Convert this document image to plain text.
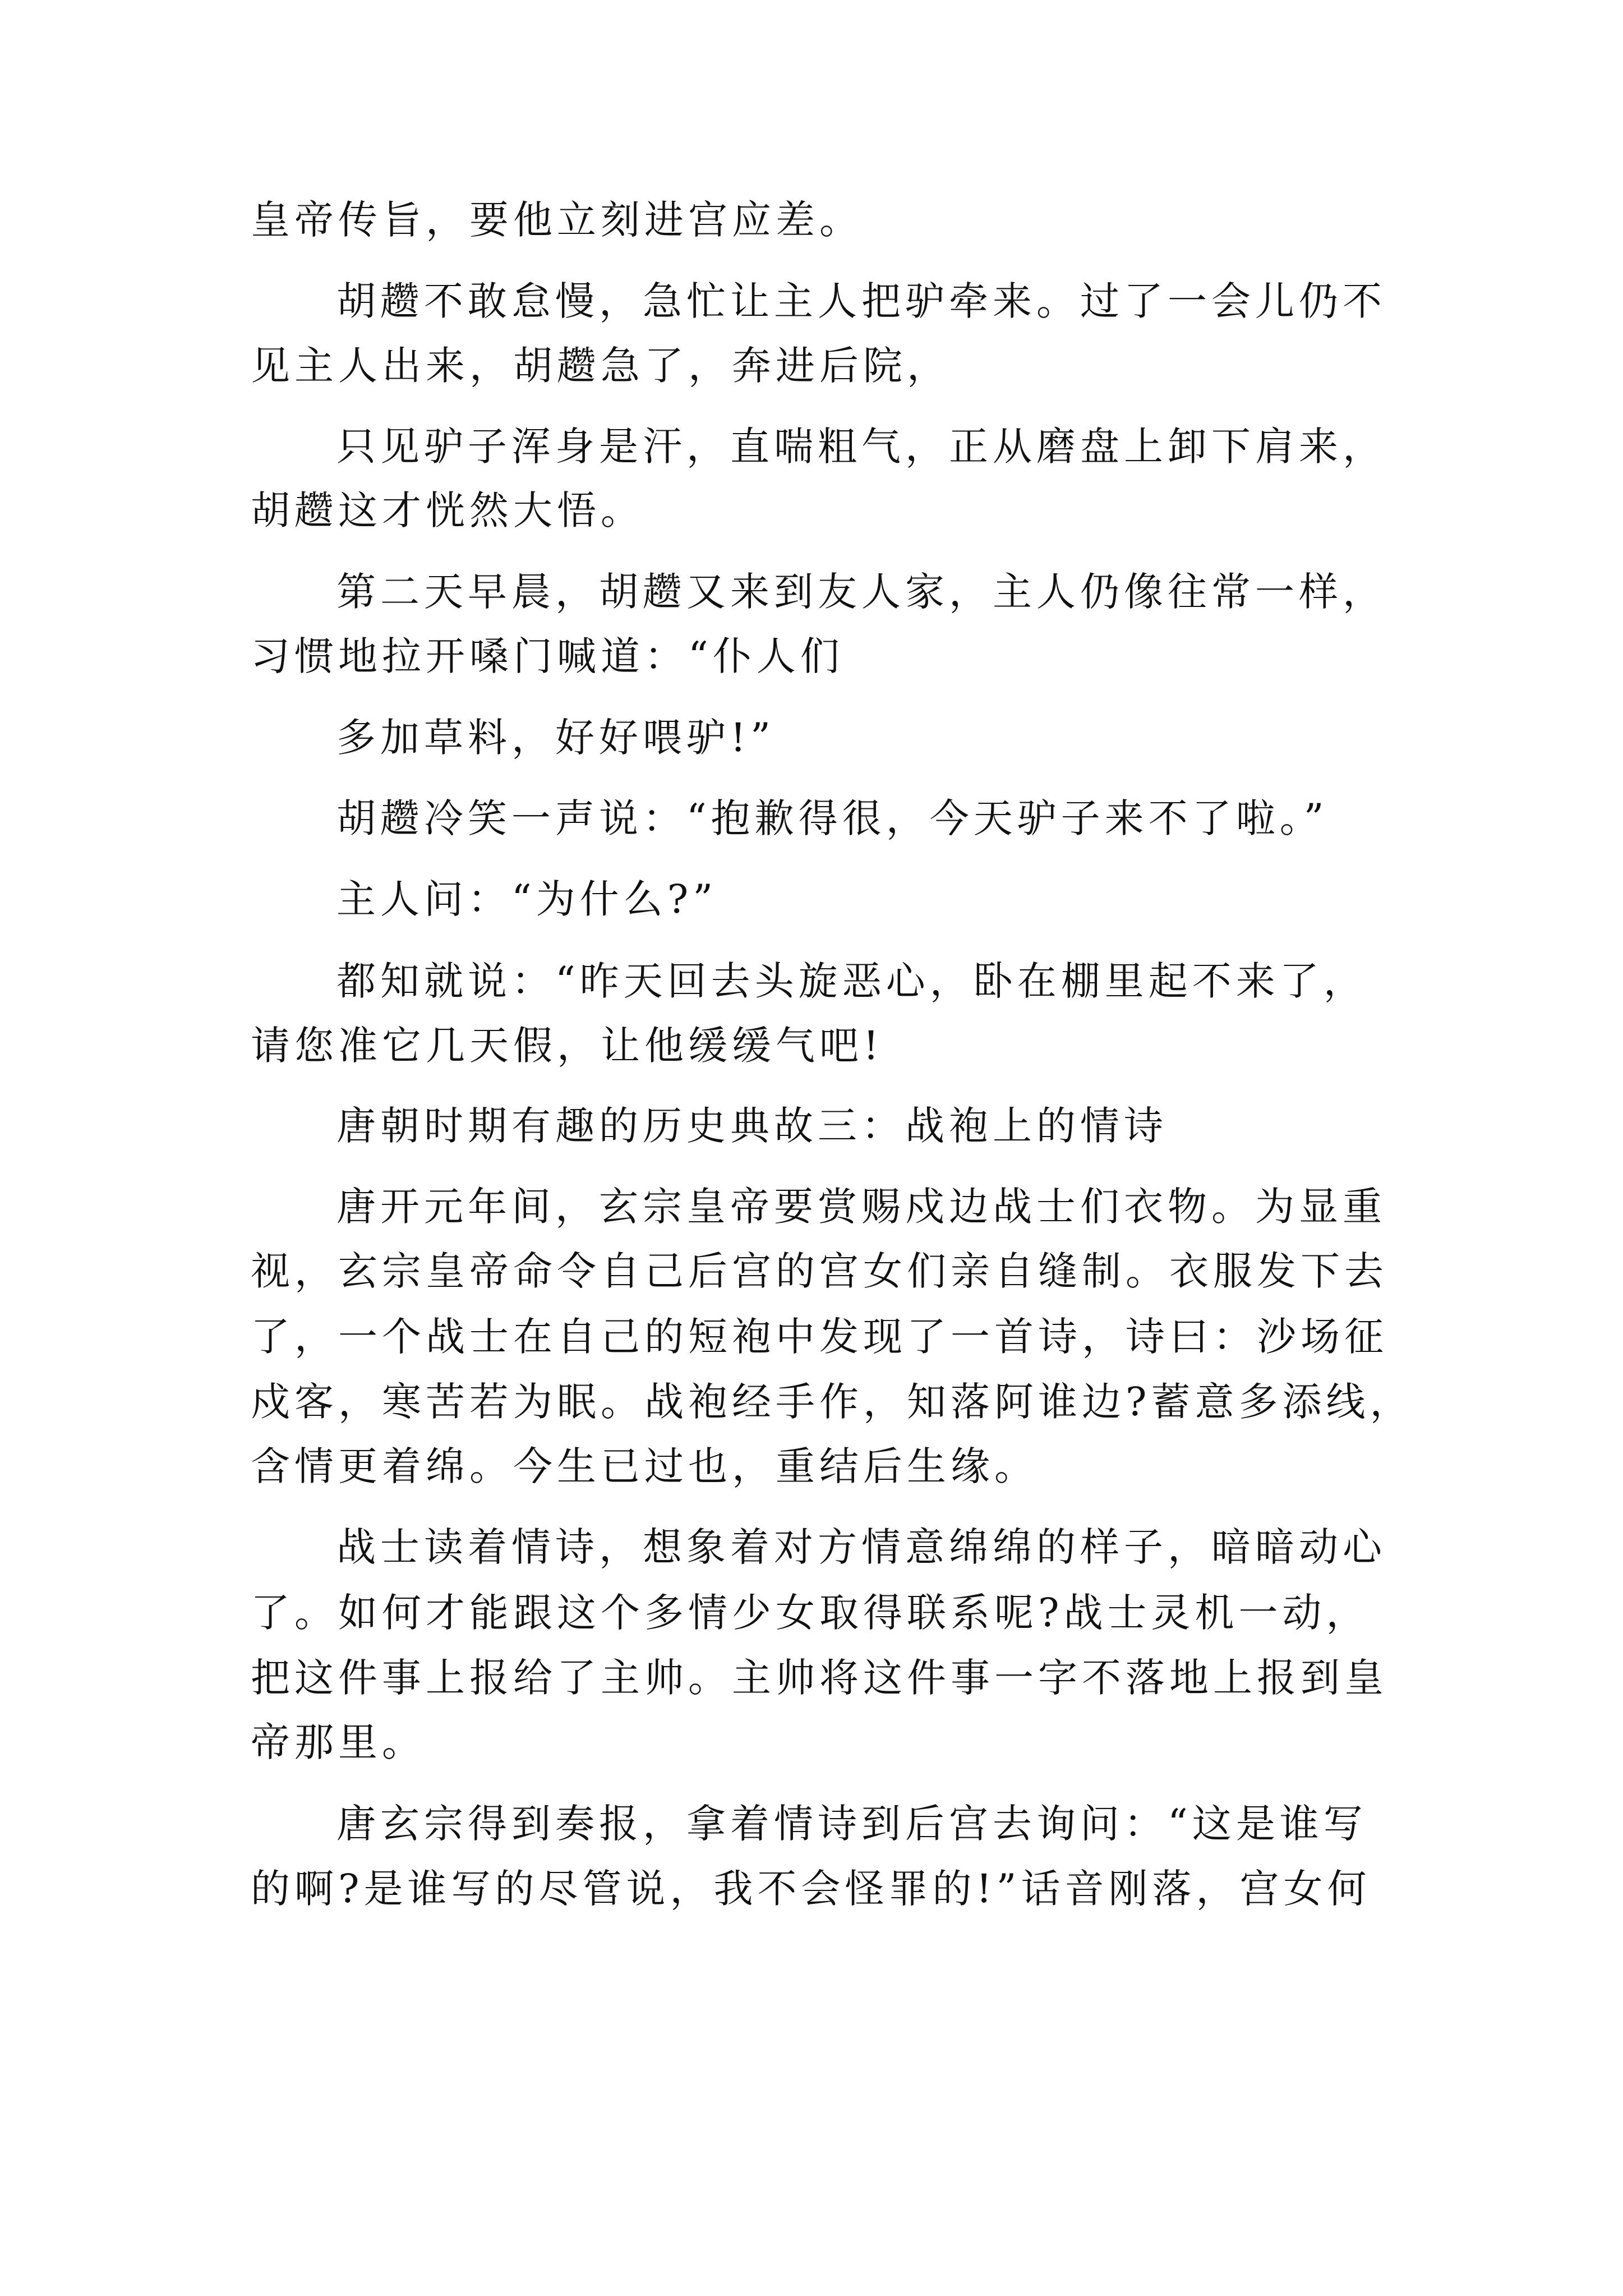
皇帝传旨，要他立刻进宫应差。
胡趱不敢怠慢，急忙让主人把驴牵来。过了一会儿仍不
见主人出来，胡趱急了，奔进后院，
只见驴子浑身是汗，直喘粗气，正从磨盘上卸下肩来，
胡趱这才恍然大悟。
第二天早晨，胡趱又来到友人家，主人仍像往常一样，
习惯地拉开嗓门喊道：“仆人们
多加草料，好好喂驴!”
胡趱冷笑一声说：“抱歉得很，今天驴子来不了啦。”
主人问：“为什么?”
都知就说：“昨天回去头旋恶心，卧在棚里起不来了，
请您准它几天假，让他缓缓气吧!
唐朝时期有趣的历史典故三：战袍上的情诗
唐开元年间，玄宗皇帝要赏赐戍边战士们衣物。为显重
视，玄宗皇帝命令自己后宫的宫女们亲自缝制。衣服发下去
了，一个战士在自己的短袍中发现了一首诗，诗曰：沙场征
戍客，寒苦若为眠。战袍经手作，知落阿谁边?蓄意多添线，
含情更着绵。今生已过也，重结后生缘。
战士读着情诗，想象着对方情意绵绵的样子，暗暗动心
了。如何才能跟这个多情少女取得联系呢?战士灵机一动，
把这件事上报给了主帅。主帅将这件事一字不落地上报到皇
帝那里。
唐玄宗得到奏报，拿着情诗到后宫去询问：“这是谁写
的啊?是谁写的尽管说，我不会怪罪的!”话音刚落，宫女何
